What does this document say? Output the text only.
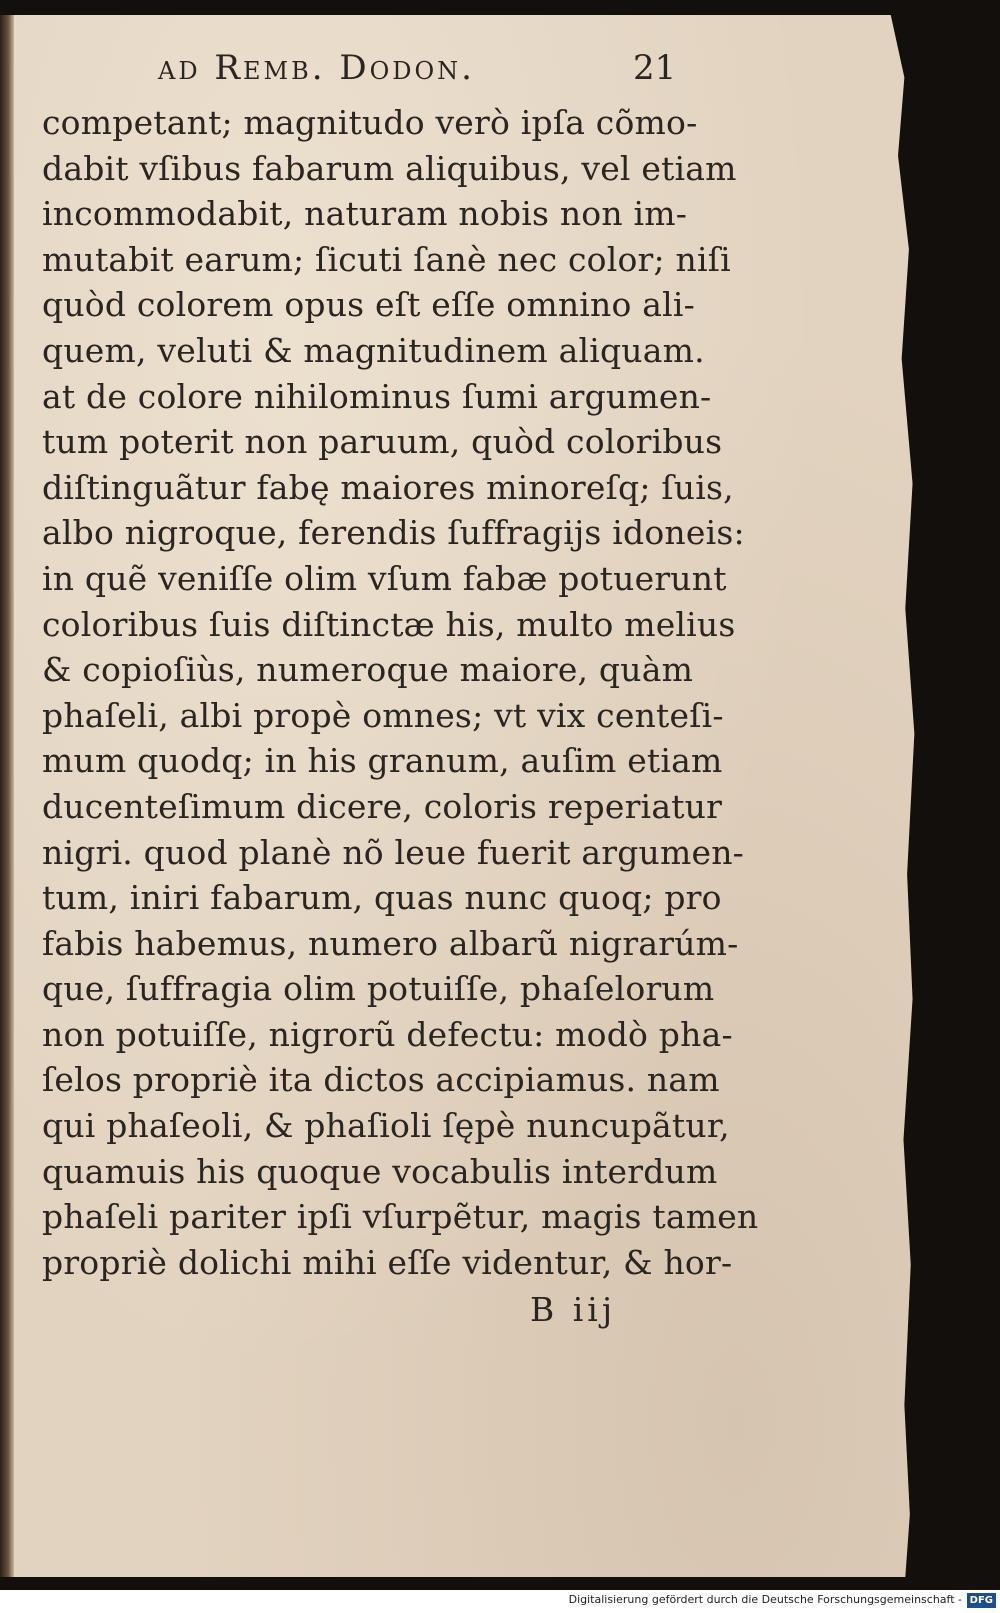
ad Remb. Dodon.	21
competant; magnitudo verò ipſa cõmo-
dabit vſibus fabarum aliquibus, vel etiam
incommodabit, naturam nobis non im-
mutabit earum; ſicuti ſanè nec color; niſi
quòd colorem opus eſt eſſe omnino ali-
quem, veluti & magnitudinem aliquam.
at de colore nihilominus ſumi argumen-
tum poterit non paruum, quòd coloribus
diſtinguãtur fabę maiores minoreſq; ſuis,
albo nigroque, ferendis ſuffragijs idoneis:
in quẽ veniſſe olim vſum fabæ potuerunt
coloribus ſuis diſtinctæ his, multo melius
& copioſiùs, numeroque maiore, quàm
phaſeli, albi propè omnes; vt vix centeſi-
mum quodq; in his granum, auſim etiam
ducenteſimum dicere, coloris reperiatur
nigri. quod planè nõ leue fuerit argumen-
tum, iniri fabarum, quas nunc quoq; pro
fabis habemus, numero albarũ nigrarúm-
que, ſuffragia olim potuiſſe, phaſelorum
non potuiſſe, nigrorũ defectu: modò pha-
ſelos propriè ita dictos accipiamus. nam
qui phaſeoli, & phaſioli ſępè nuncupãtur,
quamuis his quoque vocabulis interdum
phaſeli pariter ipſi vſurpẽtur, magis tamen
propriè dolichi mihi eſſe videntur, & hor-
B iij
Digitalisierung gefördert durch die Deutsche Forschungsgemeinschaft - DFG
